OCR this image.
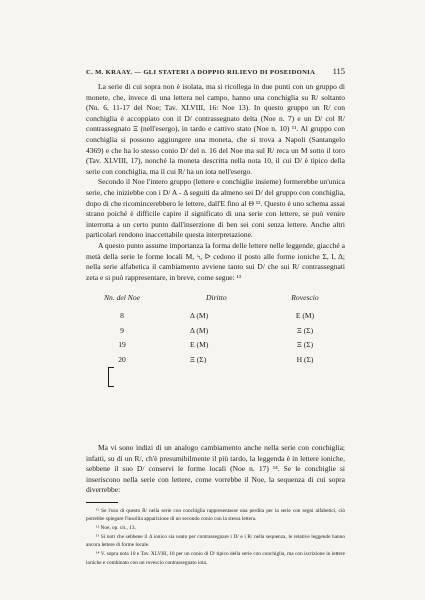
C. M. KRAAY. — GLI STATERI A DOPPIO RILIEVO DI POSEIDONIA 115

La serie di cui sopra non è isolata, ma si ricollega in due punti con un gruppo di monete, che, invece di una lettera nel campo, hanno una conchiglia su R/ soltanto (Nn. 6, 11-17 del Noe; Tav. XLVIII, 16: Noe 13). In questo gruppo un R/ con conchiglia è accoppiato con il D/ contrassegnato delta (Noe n. 7) e un D/ col R/ contrassegnato Ξ (nell'esergo), in tardo e cattivo stato (Noe n. 10) ¹¹. Al gruppo con conchiglia si possono aggiungere una moneta, che si trova a Napoli (Santangelo 4369) e che ha lo stesso conio D/ del n. 16 del Noe ma sul R/ reca un M sotto il toro (Tav. XLVIII, 17), nonché la moneta descritta nella nota 10, il cui D/ è tipico della serie con conchiglia, ma il cui R/ ha un iota nell'esergo.

Secondo il Noe l'intero gruppo (lettere e conchiglie insieme) formerebbe un'unica serie, che iniziebbe con i D/ A - Δ seguiti da almeno sei D/ del gruppo con conchiglia, dopo di che ricomincerebbero le lettere, dall'E fino al Θ ¹². Questo è uno schema assai strano poiché è difficile capire il significato di una serie con lettere, se può venire interrotta a un certo punto dall'inserzione di ben sei coni senza lettere. Anche altri particolari rendono inaccettabile questa interpretazione.

A questo punto assume importanza la forma delle lettere nelle leggende, giacché a metà della serie le forme locali M, ϟ, ᐅ cedono il posto alle forme ioniche Σ, Ι, Δ; nella serie alfabetica il cambiamento avviene tanto sui D/ che sui R/ contrassegnati zeta e si può rappresentare, in breve, come segue: ¹³

Nn. del Noe	Diritto	Rovescio
8	Δ (M)	E (M)
9	Δ (M)	Ξ (Σ)
19	E (M)	Ξ (Σ)
20	Ξ (Σ)	H (Σ)

Ma vi sono indizi di un analogo cambiamento anche nella serie con conchiglia; infatti, su di un R/, ch'è presumibilmente il più tardo, la leggenda è in lettere ioniche, sebbene il suo D/ conservi le forme locali (Noe n. 17) ¹⁴. Se le conchiglie si inseriscono nella serie con lettere, come vorrebbe il Noe, la sequenza di cui sopra diverrebbe:

¹¹ Se l'uso di questo R/ nella serie con conchiglia rappresentasse una perdita per la serie con segni alfabetici, ciò potrebbe spiegare l'insolita apparizione di un secondo conio con la stessa lettera.

¹² Noe, op. cit., 13.

¹³ Si noti che sebbene il Δ ionico sia usato per contrassegnare i D/ e i R/ nella sequenza, le relative leggende hanno ancora lettere di forme locale.

¹⁴ V. sopra nota 10 e Tav. XLVIII, 18 per un conio di D/ tipico della serie con conchiglia, ma con iscrizione in lettere ioniche e combinato con un rovescio contrassegnato iota.
